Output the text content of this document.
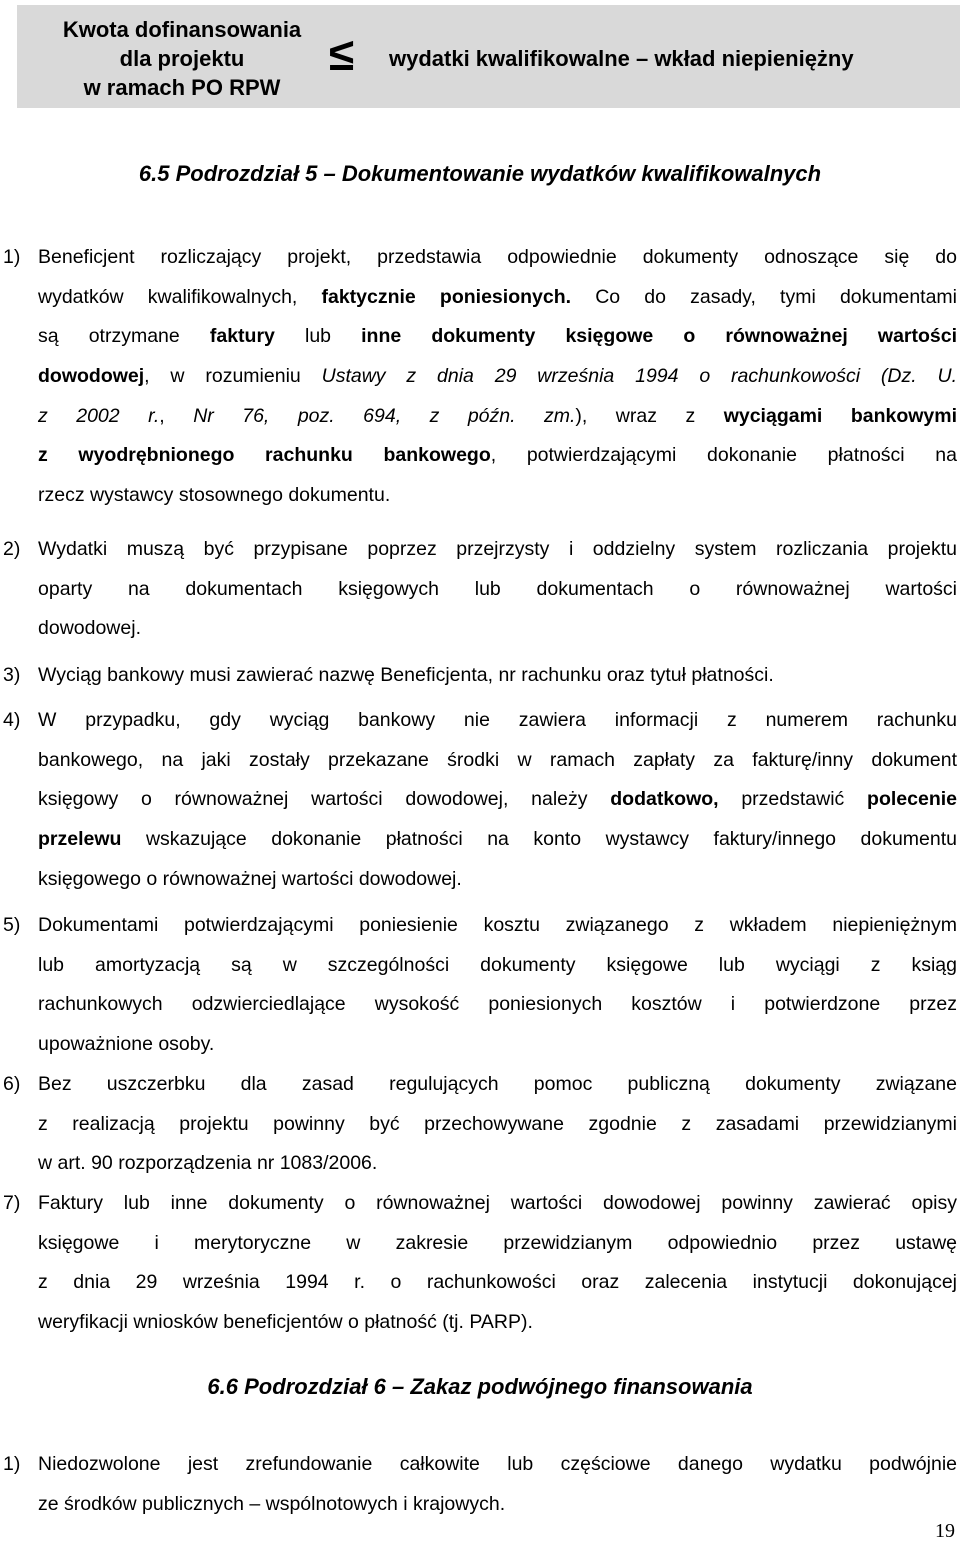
Kwota dofinansowania
dla projektu
w ramach PO RPW
≤ wydatki kwalifikowalne – wkład niepieniężny
6.5 Podrozdział 5 – Dokumentowanie wydatków kwalifikowalnych
1) Beneficjent rozliczający projekt, przedstawia odpowiednie dokumenty odnoszące się do
wydatków kwalifikowalnych, faktycznie poniesionych. Co do zasady, tymi dokumentami
są otrzymane faktury lub inne dokumenty księgowe o równoważnej wartości
dowodowej, w rozumieniu Ustawy z dnia 29 września 1994 o rachunkowości (Dz. U.
z 2002 r., Nr 76, poz. 694, z późn. zm.), wraz z wyciągami bankowymi
z wyodrębnionego rachunku bankowego, potwierdzającymi dokonanie płatności na
rzecz wystawcy stosownego dokumentu.
2) Wydatki muszą być przypisane poprzez przejrzysty i oddzielny system rozliczania projektu
oparty na dokumentach księgowych lub dokumentach o równoważnej wartości
dowodowej.
3) Wyciąg bankowy musi zawierać nazwę Beneficjenta, nr rachunku oraz tytuł płatności.
4) W przypadku, gdy wyciąg bankowy nie zawiera informacji z numerem rachunku
bankowego, na jaki zostały przekazane środki w ramach zapłaty za fakturę/inny dokument
księgowy o równoważnej wartości dowodowej, należy dodatkowo, przedstawić polecenie
przelewu wskazujące dokonanie płatności na konto wystawcy faktury/innego dokumentu
księgowego o równoważnej wartości dowodowej.
5) Dokumentami potwierdzającymi poniesienie kosztu związanego z wkładem niepieniężnym
lub amortyzacją są w szczególności dokumenty księgowe lub wyciągi z ksiąg
rachunkowych odzwierciedlające wysokość poniesionych kosztów i potwierdzone przez
upoważnione osoby.
6) Bez uszczerbku dla zasad regulujących pomoc publiczną dokumenty związane
z realizacją projektu powinny być przechowywane zgodnie z zasadami przewidzianymi
w art. 90 rozporządzenia nr 1083/2006.
7) Faktury lub inne dokumenty o równoważnej wartości dowodowej powinny zawierać opisy
księgowe i merytoryczne w zakresie przewidzianym odpowiednio przez ustawę
z dnia 29 września 1994 r. o rachunkowości oraz zalecenia instytucji dokonującej
weryfikacji wniosków beneficjentów o płatność (tj. PARP).
6.6 Podrozdział 6 – Zakaz podwójnego finansowania
1) Niedozwolone jest zrefundowanie całkowite lub częściowe danego wydatku podwójnie
ze środków publicznych – wspólnotowych i krajowych.
19
